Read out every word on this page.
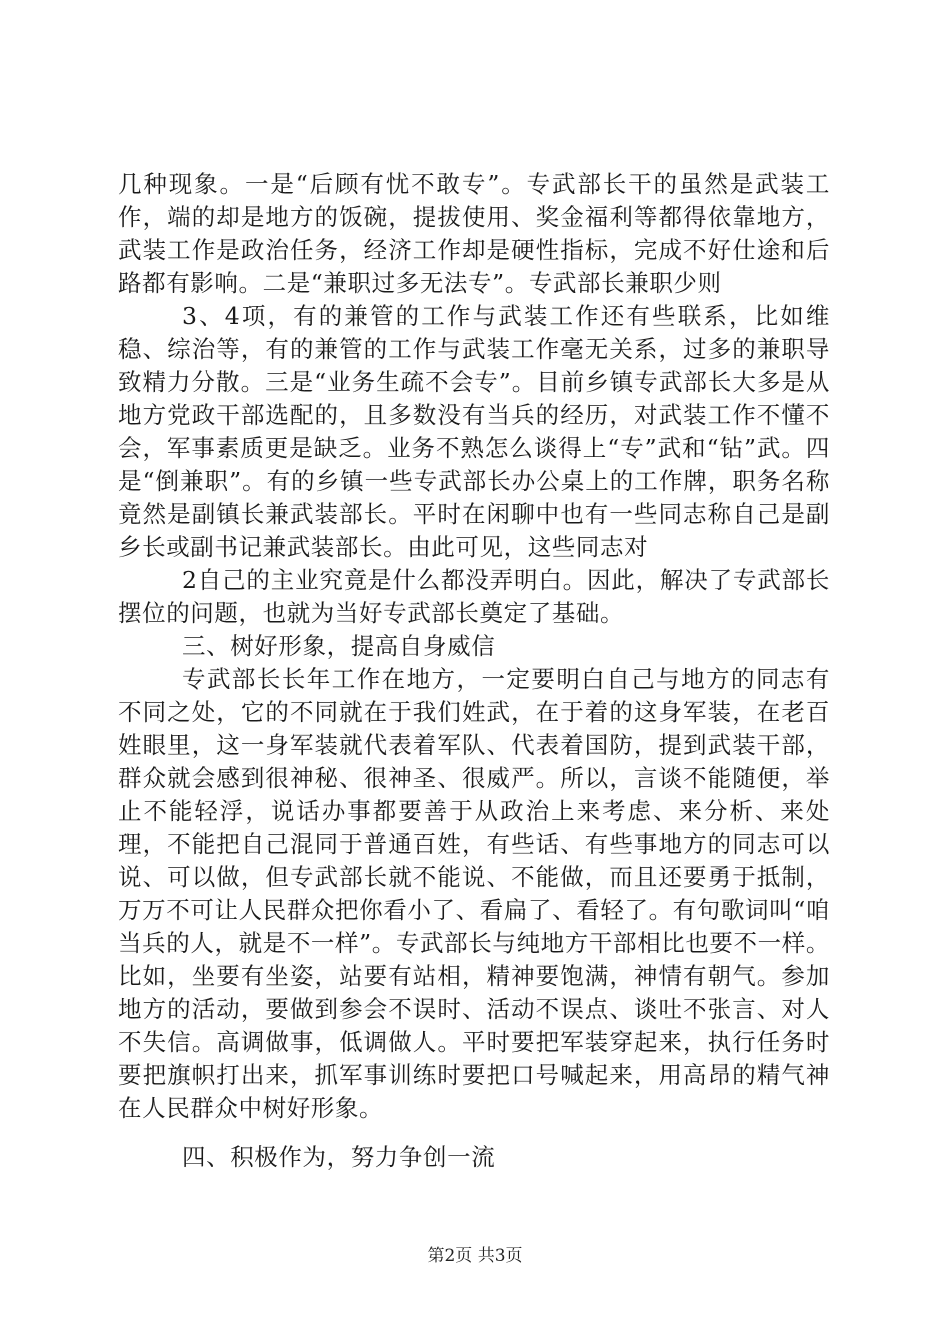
几种现象。一是“后顾有忧不敢专”。专武部长干的虽然是武装工作，端的却是地方的饭碗，提拔使用、奖金福利等都得依靠地方，武装工作是政治任务，经济工作却是硬性指标，完成不好仕途和后路都有影响。二是“兼职过多无法专”。专武部长兼职少则

3、4项，有的兼管的工作与武装工作还有些联系，比如维稳、综治等，有的兼管的工作与武装工作毫无关系，过多的兼职导致精力分散。三是“业务生疏不会专”。目前乡镇专武部长大多是从地方党政干部选配的，且多数没有当兵的经历，对武装工作不懂不会，军事素质更是缺乏。业务不熟怎么谈得上“专”武和“钻”武。四是“倒兼职”。有的乡镇一些专武部长办公桌上的工作牌，职务名称竟然是副镇长兼武装部长。平时在闲聊中也有一些同志称自己是副乡长或副书记兼武装部长。由此可见，这些同志对

2自己的主业究竟是什么都没弄明白。因此，解决了专武部长摆位的问题，也就为当好专武部长奠定了基础。

三、树好形象，提高自身威信

专武部长长年工作在地方，一定要明白自己与地方的同志有不同之处，它的不同就在于我们姓武，在于着的这身军装，在老百姓眼里，这一身军装就代表着军队、代表着国防，提到武装干部，群众就会感到很神秘、很神圣、很威严。所以，言谈不能随便，举止不能轻浮，说话办事都要善于从政治上来考虑、来分析、来处理，不能把自己混同于普通百姓，有些话、有些事地方的同志可以说、可以做，但专武部长就不能说、不能做，而且还要勇于抵制，万万不可让人民群众把你看小了、看扁了、看轻了。有句歌词叫“咱当兵的人，就是不一样”。专武部长与纯地方干部相比也要不一样。比如，坐要有坐姿，站要有站相，精神要饱满，神情有朝气。参加地方的活动，要做到参会不误时、活动不误点、谈吐不张言、对人不失信。高调做事，低调做人。平时要把军装穿起来，执行任务时要把旗帜打出来，抓军事训练时要把口号喊起来，用高昂的精气神在人民群众中树好形象。

四、积极作为，努力争创一流

第2页 共3页
